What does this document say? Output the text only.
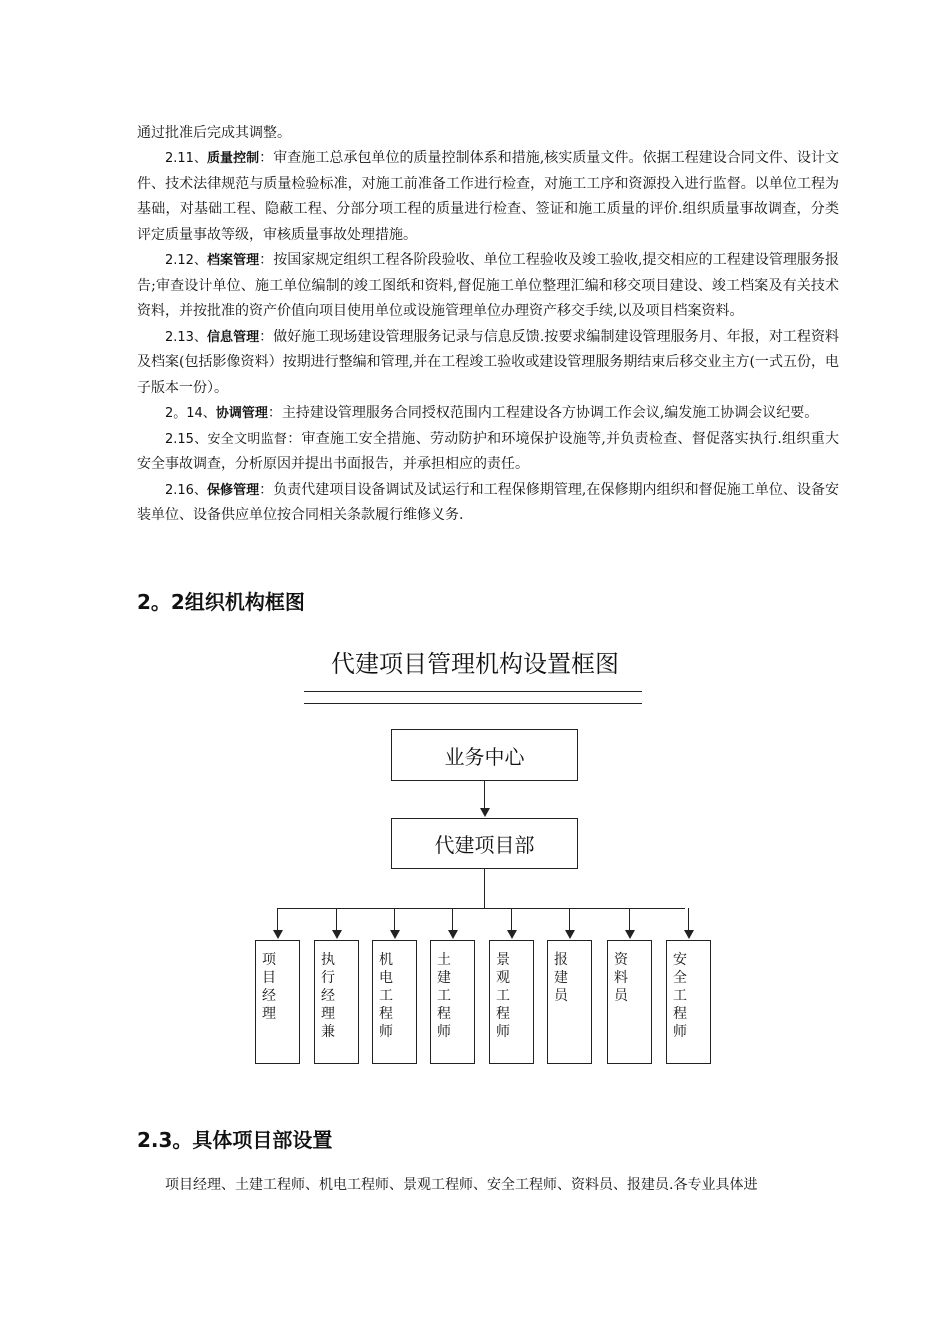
通过批准后完成其调整。

2.11、质量控制：审查施工总承包单位的质量控制体系和措施,核实质量文件。依据工程建设合同文件、设计文件、技术法律规范与质量检验标准，对施工前准备工作进行检查，对施工工序和资源投入进行监督。以单位工程为基础，对基础工程、隐蔽工程、分部分项工程的质量进行检查、签证和施工质量的评价.组织质量事故调查，分类评定质量事故等级，审核质量事故处理措施。

2.12、档案管理：按国家规定组织工程各阶段验收、单位工程验收及竣工验收,提交相应的工程建设管理服务报告;审查设计单位、施工单位编制的竣工图纸和资料,督促施工单位整理汇编和移交项目建设、竣工档案及有关技术资料，并按批准的资产价值向项目使用单位或设施管理单位办理资产移交手续,以及项目档案资料。

2.13、信息管理：做好施工现场建设管理服务记录与信息反馈.按要求编制建设管理服务月、年报，对工程资料及档案(包括影像资料）按期进行整编和管理,并在工程竣工验收或建设管理服务期结束后移交业主方(一式五份，电子版本一份）。

2。14、协调管理：主持建设管理服务合同授权范围内工程建设各方协调工作会议,编发施工协调会议纪要。

2.15、安全文明监督：审查施工安全措施、劳动防护和环境保护设施等,并负责检查、督促落实执行.组织重大安全事故调查，分析原因并提出书面报告，并承担相应的责任。

2.16、保修管理：负责代建项目设备调试及试运行和工程保修期管理,在保修期内组织和督促施工单位、设备安装单位、设备供应单位按合同相关条款履行维修义务.

2。2组织机构框图
代建项目管理机构设置框图
业务中心
代建项目部
项目经理
执行经理兼
机电工程师
土建工程师
景观工程师
报建员
资料员
安全工程师
2.3。具体项目部设置
项目经理、土建工程师、机电工程师、景观工程师、安全工程师、资料员、报建员.各专业具体进
